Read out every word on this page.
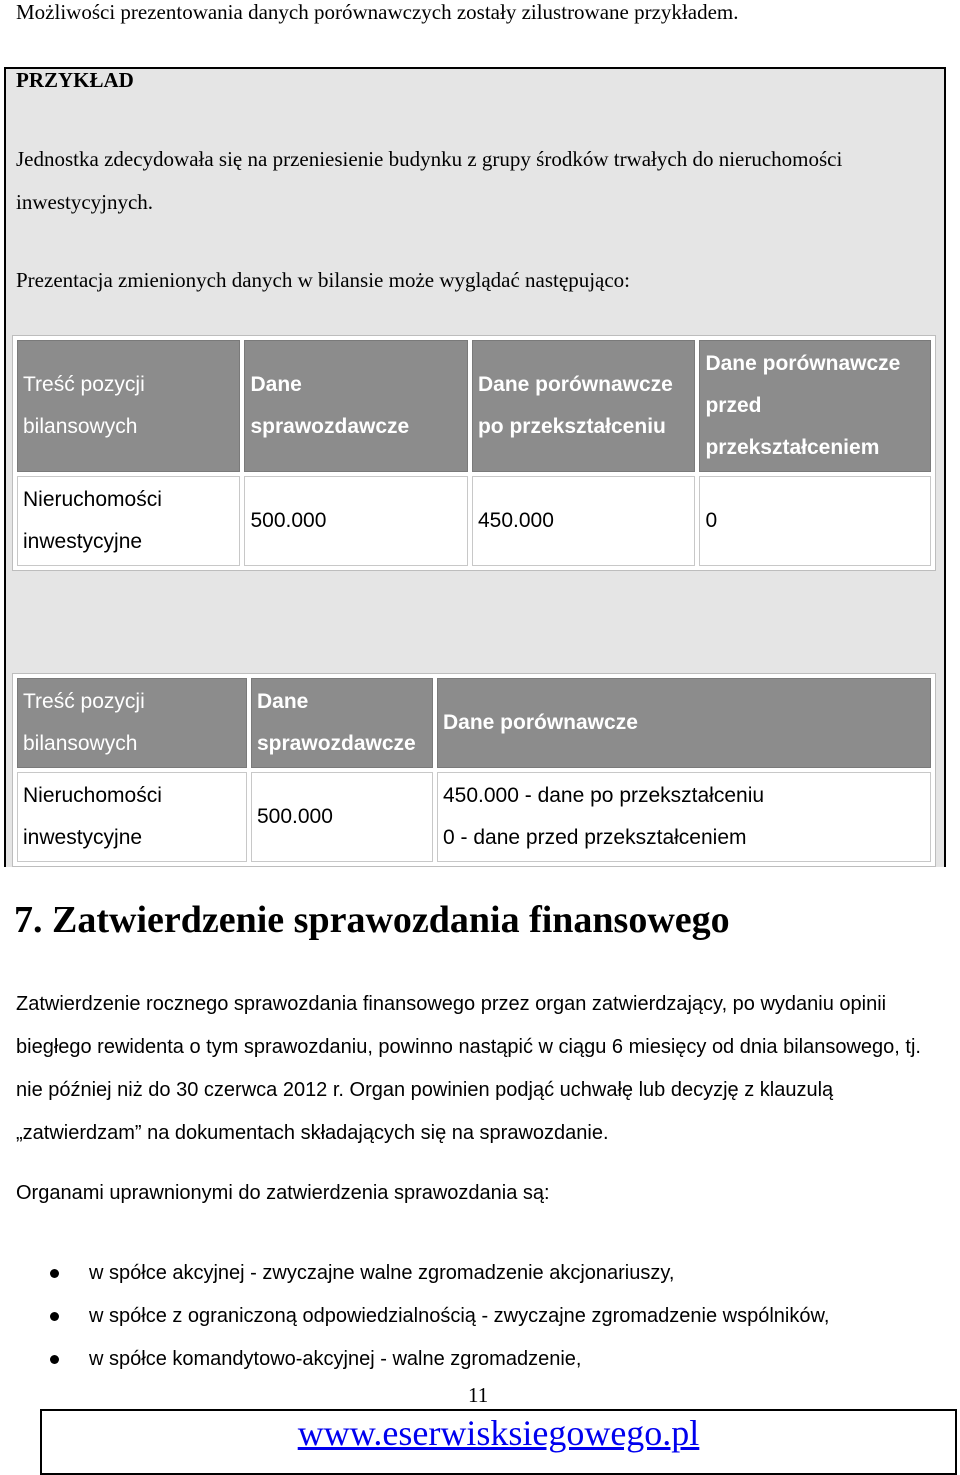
Możliwości prezentowania danych porównawczych zostały zilustrowane przykładem.
PRZYKŁAD
Jednostka zdecydowała się na przeniesienie budynku z grupy środków trwałych do nieruchomości inwestycyjnych.
Prezentacja zmienionych danych w bilansie może wyglądać następująco:
Treść pozycji bilansowych	Dane sprawozdawcze	Dane porównawcze po przekształceniu	Dane porównawcze przed przekształceniem
Nieruchomości inwestycyjne	500.000	450.000	0
Treść pozycji bilansowych	Dane sprawozdawcze	Dane porównawcze
Nieruchomości inwestycyjne	500.000	450.000 - dane po przekształceniu
0 - dane przed przekształceniem
7. Zatwierdzenie sprawozdania finansowego
Zatwierdzenie rocznego sprawozdania finansowego przez organ zatwierdzający, po wydaniu opinii biegłego rewidenta o tym sprawozdaniu, powinno nastąpić w ciągu 6 miesięcy od dnia bilansowego, tj. nie później niż do 30 czerwca 2012 r. Organ powinien podjąć uchwałę lub decyzję z klauzulą „zatwierdzam” na dokumentach składających się na sprawozdanie.
Organami uprawnionymi do zatwierdzenia sprawozdania są:
w spółce akcyjnej - zwyczajne walne zgromadzenie akcjonariuszy,
w spółce z ograniczoną odpowiedzialnością - zwyczajne zgromadzenie wspólników,
w spółce komandytowo-akcyjnej - walne zgromadzenie,
11
www.eserwisksiegowego.pl
